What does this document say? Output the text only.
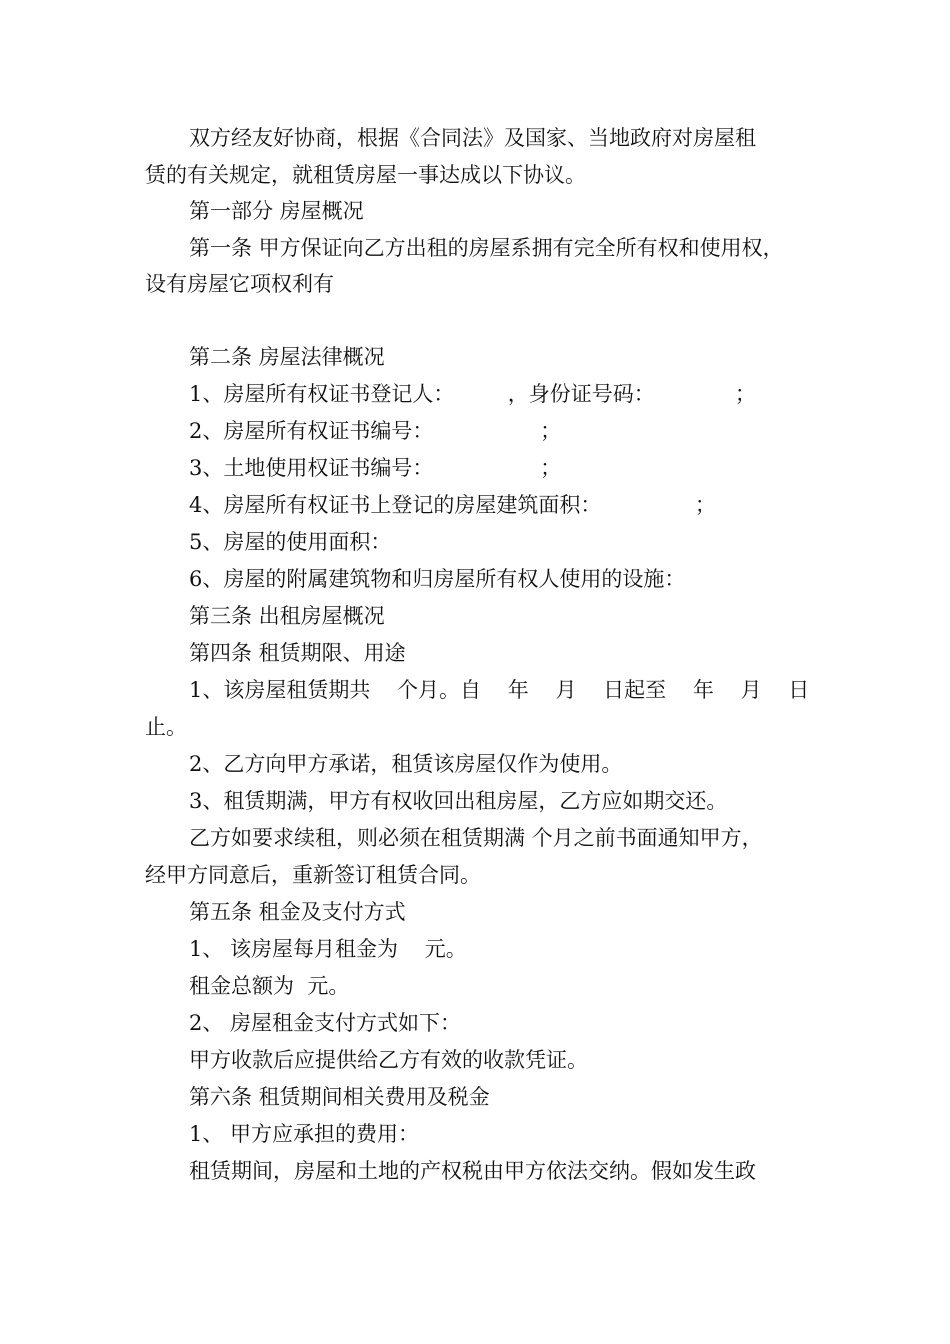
双方经友好协商，根据《合同法》及国家、当地政府对房屋租
赁的有关规定，就租赁房屋一事达成以下协议。
第一部分 房屋概况
第一条 甲方保证向乙方出租的房屋系拥有完全所有权和使用权，
设有房屋它项权利有
第二条 房屋法律概况
1、房屋所有权证书登记人：        ，身份证号码：            ；
2、房屋所有权证书编号：                ；
3、土地使用权证书编号：                ；
4、房屋所有权证书上登记的房屋建筑面积：              ；
5、房屋的使用面积：
6、房屋的附属建筑物和归房屋所有权人使用的设施：
第三条 出租房屋概况
第四条 租赁期限、用途
1、该房屋租赁期共    个月。自    年    月    日起至    年    月    日
止。
2、乙方向甲方承诺，租赁该房屋仅作为使用。
3、租赁期满，甲方有权收回出租房屋，乙方应如期交还。
乙方如要求续租，则必须在租赁期满 个月之前书面通知甲方，
经甲方同意后，重新签订租赁合同。
第五条 租金及支付方式
1、 该房屋每月租金为    元。
租金总额为  元。
2、 房屋租金支付方式如下：
甲方收款后应提供给乙方有效的收款凭证。
第六条 租赁期间相关费用及税金
1、 甲方应承担的费用：
租赁期间，房屋和土地的产权税由甲方依法交纳。假如发生政
